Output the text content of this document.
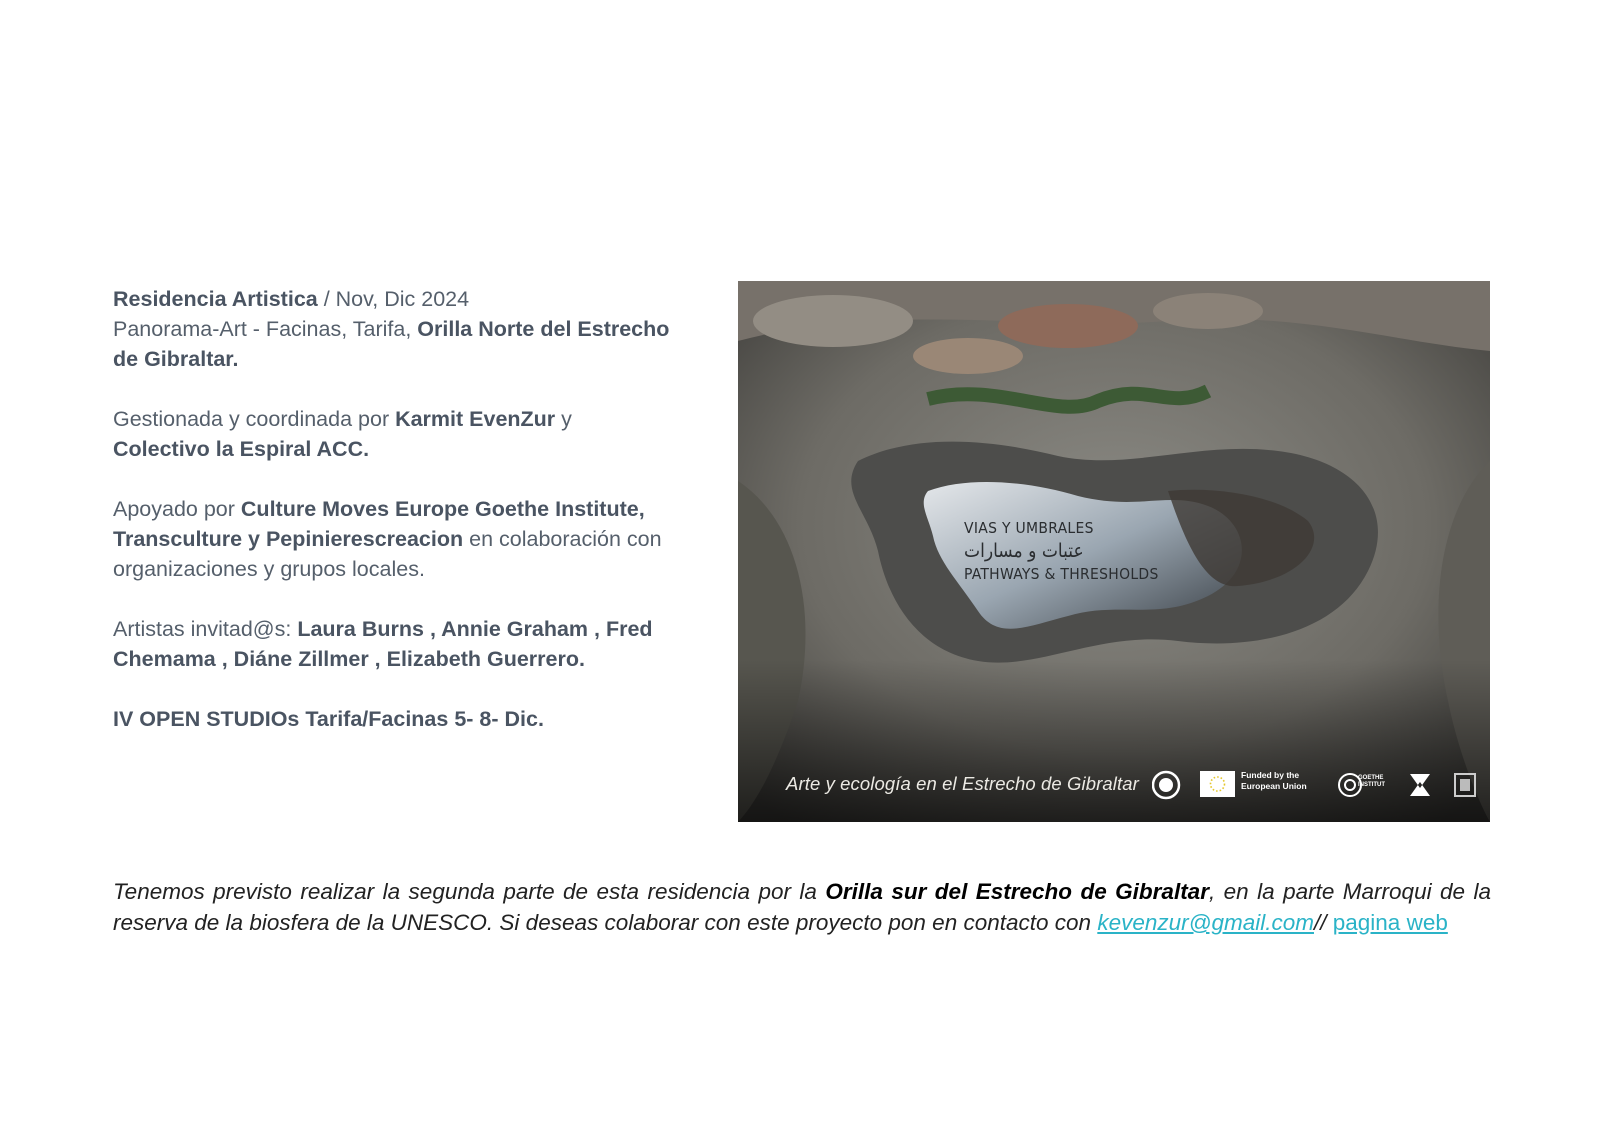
Residencia Artistica / Nov, Dic 2024
Panorama-Art - Facinas, Tarifa, Orilla Norte del Estrecho de Gibraltar.

Gestionada y coordinada por Karmit EvenZur y Colectivo la Espiral ACC.

Apoyado por Culture Moves Europe Goethe Institute, Transculture y Pepinierescreacion en colaboración con organizaciones y grupos locales.

Artistas invitad@s: Laura Burns , Annie Graham , Fred Chemama , Diáne Zillmer , Elizabeth Guerrero.

IV OPEN STUDIOs Tarifa/Facinas 5- 8- Dic.

VIAS Y UMBRALES
عتبات و مسارات
PATHWAYS & THRESHOLDS
Arte y ecología en el Estrecho de Gibraltar	Funded by the European Union
GOETHE INSTITUT
Tenemos previsto realizar la segunda parte de esta residencia por la Orilla sur del Estrecho de Gibraltar, en la parte Marroqui de la reserva de la biosfera de la UNESCO. Si deseas colaborar con este proyecto pon en contacto con kevenzur@gmail.com// pagina web
